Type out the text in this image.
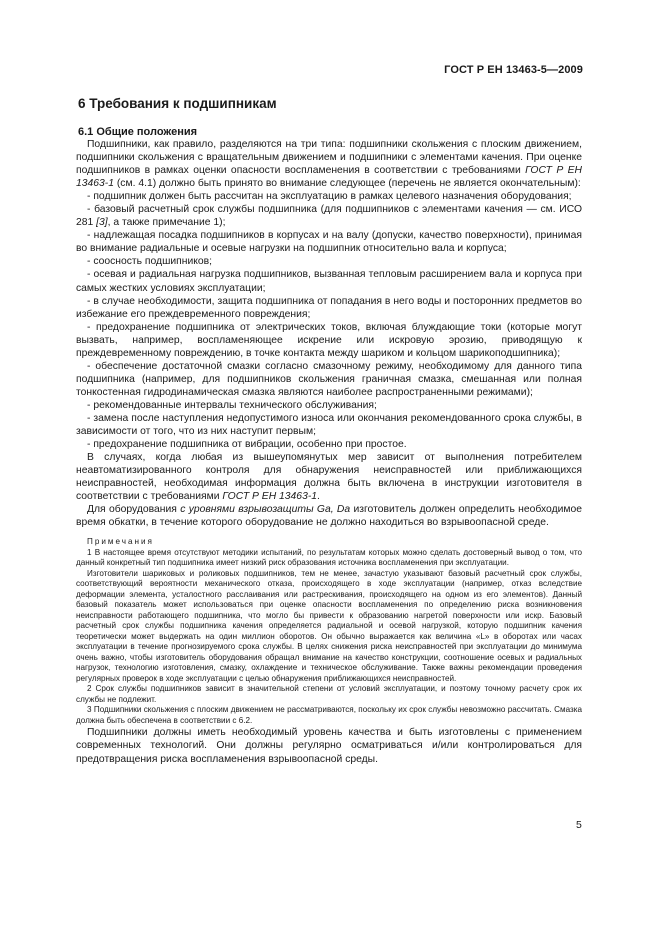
ГОСТ Р ЕН 13463-5—2009
6 Требования к подшипникам
6.1 Общие положения

Подшипники, как правило, разделяются на три типа: подшипники скольжения с плоским движением, подшипники скольжения с вращательным движением и подшипники с элементами качения. При оценке подшипников в рамках оценки опасности воспламенения в соответствии с требованиями ГОСТ Р ЕН 13463-1 (см. 4.1) должно быть принято во внимание следующее (перечень не является окончательным):

- подшипник должен быть рассчитан на эксплуатацию в рамках целевого назначения оборудования;

- базовый расчетный срок службы подшипника (для подшипников с элементами качения — см. ИСО 281 [3], а также примечание 1);

- надлежащая посадка подшипников в корпусах и на валу (допуски, качество поверхности), принимая во внимание радиальные и осевые нагрузки на подшипник относительно вала и корпуса;

- соосность подшипников;

- осевая и радиальная нагрузка подшипников, вызванная тепловым расширением вала и корпуса при самых жестких условиях эксплуатации;

- в случае необходимости, защита подшипника от попадания в него воды и посторонних предметов во избежание его преждевременного повреждения;

- предохранение подшипника от электрических токов, включая блуждающие токи (которые могут вызвать, например, воспламеняющее искрение или искровую эрозию, приводящую к преждевременному повреждению, в точке контакта между шариком и кольцом шарикоподшипника);

- обеспечение достаточной смазки согласно смазочному режиму, необходимому для данного типа подшипника (например, для подшипников скольжения граничная смазка, смешанная или полная тонкостенная гидродинамическая смазка являются наиболее распространенными режимами);

- рекомендованные интервалы технического обслуживания;

- замена после наступления недопустимого износа или окончания рекомендованного срока службы, в зависимости от того, что из них наступит первым;

- предохранение подшипника от вибрации, особенно при простое.

В случаях, когда любая из вышеупомянутых мер зависит от выполнения потребителем неавтоматизированного контроля для обнаружения неисправностей или приближающихся неисправностей, необходимая информация должна быть включена в инструкции изготовителя в соответствии с требованиями ГОСТ Р ЕН 13463-1.

Для оборудования с уровнями взрывозащиты Ga, Da изготовитель должен определить необходимое время обкатки, в течение которого оборудование не должно находиться во взрывоопасной среде.

Примечания

1 В настоящее время отсутствуют методики испытаний, по результатам которых можно сделать достоверный вывод о том, что данный конкретный тип подшипника имеет низкий риск образования источника воспламенения при эксплуатации.

Изготовители шариковых и роликовых подшипников, тем не менее, зачастую указывают базовый расчетный срок службы, соответствующий вероятности механического отказа, происходящего в ходе эксплуатации (например, отказ вследствие деформации элемента, усталостного расслаивания или растрескивания, происходящего на одном из его элементов). Данный базовый показатель может использоваться при оценке опасности воспламенения по определению риска возникновения неисправности работающего подшипника, что могло бы привести к образованию нагретой поверхности или искр. Базовый расчетный срок службы подшипника качения определяется радиальной и осевой нагрузкой, которую подшипник качения теоретически может выдержать на один миллион оборотов. Он обычно выражается как величина «L» в оборотах или часах эксплуатации в течение прогнозируемого срока службы. В целях снижения риска неисправностей при эксплуатации до минимума очень важно, чтобы изготовитель оборудования обращал внимание на качество конструкции, соотношение осевых и радиальных нагрузок, технологию изготовления, смазку, охлаждение и техническое обслуживание. Также важны рекомендации проведения регулярных проверок в ходе эксплуатации с целью обнаружения приближающихся неисправностей.

2 Срок службы подшипников зависит в значительной степени от условий эксплуатации, и поэтому точному расчету срок их службы не подлежит.

3 Подшипники скольжения с плоским движением не рассматриваются, поскольку их срок службы невозможно рассчитать. Смазка должна быть обеспечена в соответствии с 6.2.

Подшипники должны иметь необходимый уровень качества и быть изготовлены с применением современных технологий. Они должны регулярно осматриваться и/или контролироваться для предотвращения риска воспламенения взрывоопасной среды.

5
